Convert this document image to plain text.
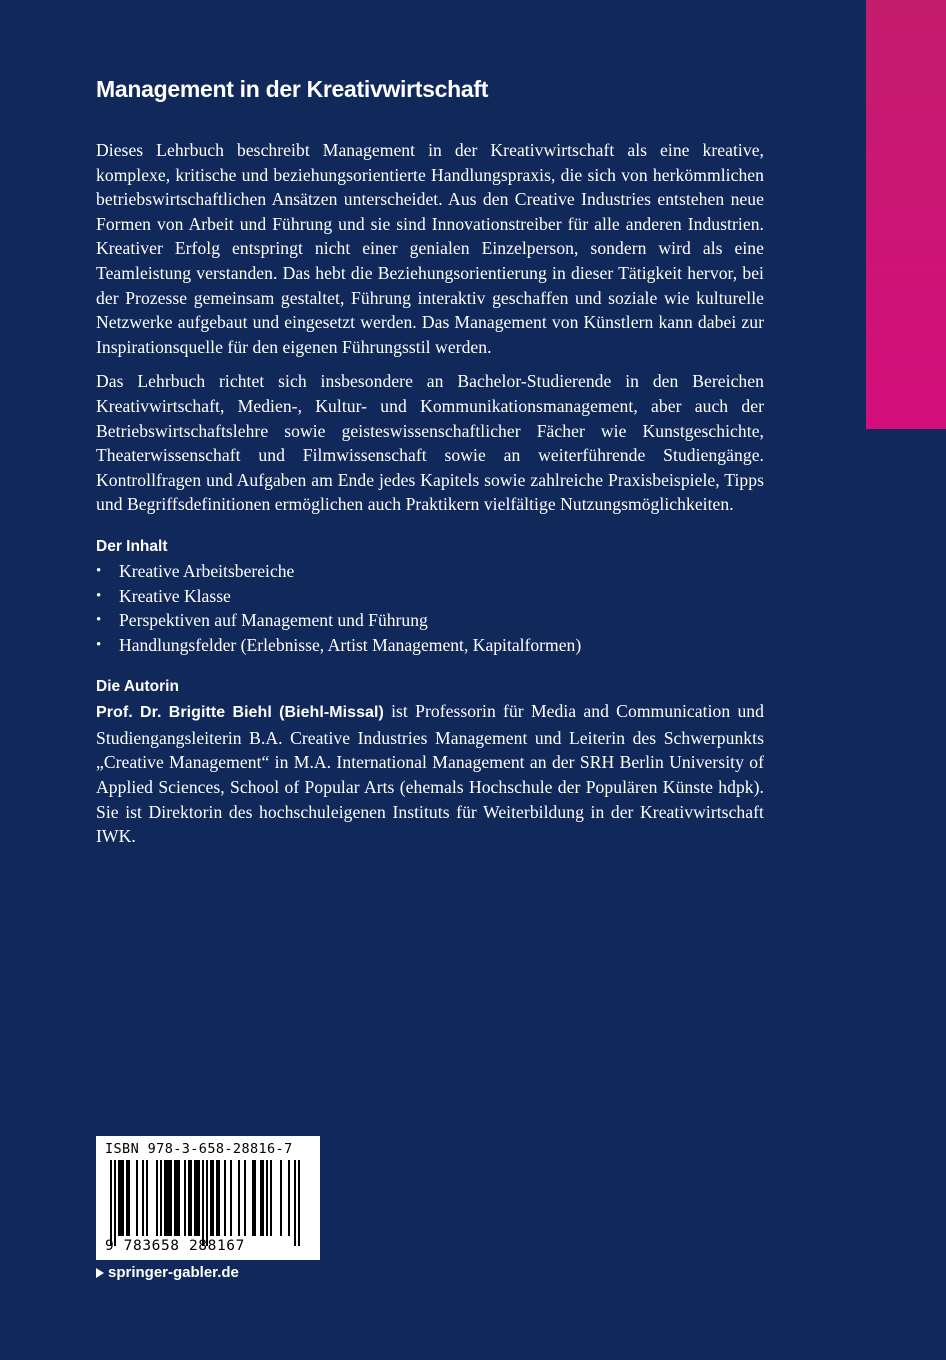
Management in der Kreativwirtschaft

Dieses Lehrbuch beschreibt Management in der Kreativwirtschaft als eine kreative, komplexe, kritische und beziehungsorientierte Handlungspraxis, die sich von herkömmlichen betriebswirtschaftlichen Ansätzen unterscheidet. Aus den Creative Industries entstehen neue Formen von Arbeit und Führung und sie sind Innovationstreiber für alle anderen Industrien. Kreativer Erfolg entspringt nicht einer genialen Einzelperson, sondern wird als eine Teamleistung verstanden. Das hebt die Beziehungsorientierung in dieser Tätigkeit hervor, bei der Prozesse gemeinsam gestaltet, Führung interaktiv geschaffen und soziale wie kulturelle Netzwerke aufgebaut und eingesetzt werden. Das Management von Künstlern kann dabei zur Inspirationsquelle für den eigenen Führungsstil werden.

Das Lehrbuch richtet sich insbesondere an Bachelor-Studierende in den Bereichen Kreativwirtschaft, Medien-, Kultur- und Kommunikationsmanagement, aber auch der Betriebswirtschaftslehre sowie geisteswissenschaftlicher Fächer wie Kunstgeschichte, Theaterwissenschaft und Filmwissenschaft sowie an weiterführende Studiengänge. Kontrollfragen und Aufgaben am Ende jedes Kapitels sowie zahlreiche Praxisbeispiele, Tipps und Begriffsdefinitionen ermöglichen auch Praktikern vielfältige Nutzungsmöglichkeiten.

Der Inhalt
• Kreative Arbeitsbereiche
• Kreative Klasse
• Perspektiven auf Management und Führung
• Handlungsfelder (Erlebnisse, Artist Management, Kapitalformen)
Die Autorin

Prof. Dr. Brigitte Biehl (Biehl-Missal) ist Professorin für Media and Communication und Studiengangsleiterin B.A. Creative Industries Management und Leiterin des Schwerpunkts „Creative Management“ in M.A. International Management an der SRH Berlin University of Applied Sciences, School of Popular Arts (ehemals Hochschule der Populären Künste hdpk). Sie ist Direktorin des hochschuleigenen Instituts für Weiterbildung in der Kreativwirtschaft IWK.

ISBN 978-3-658-28816-7
9 783658 288167
springer-gabler.de
